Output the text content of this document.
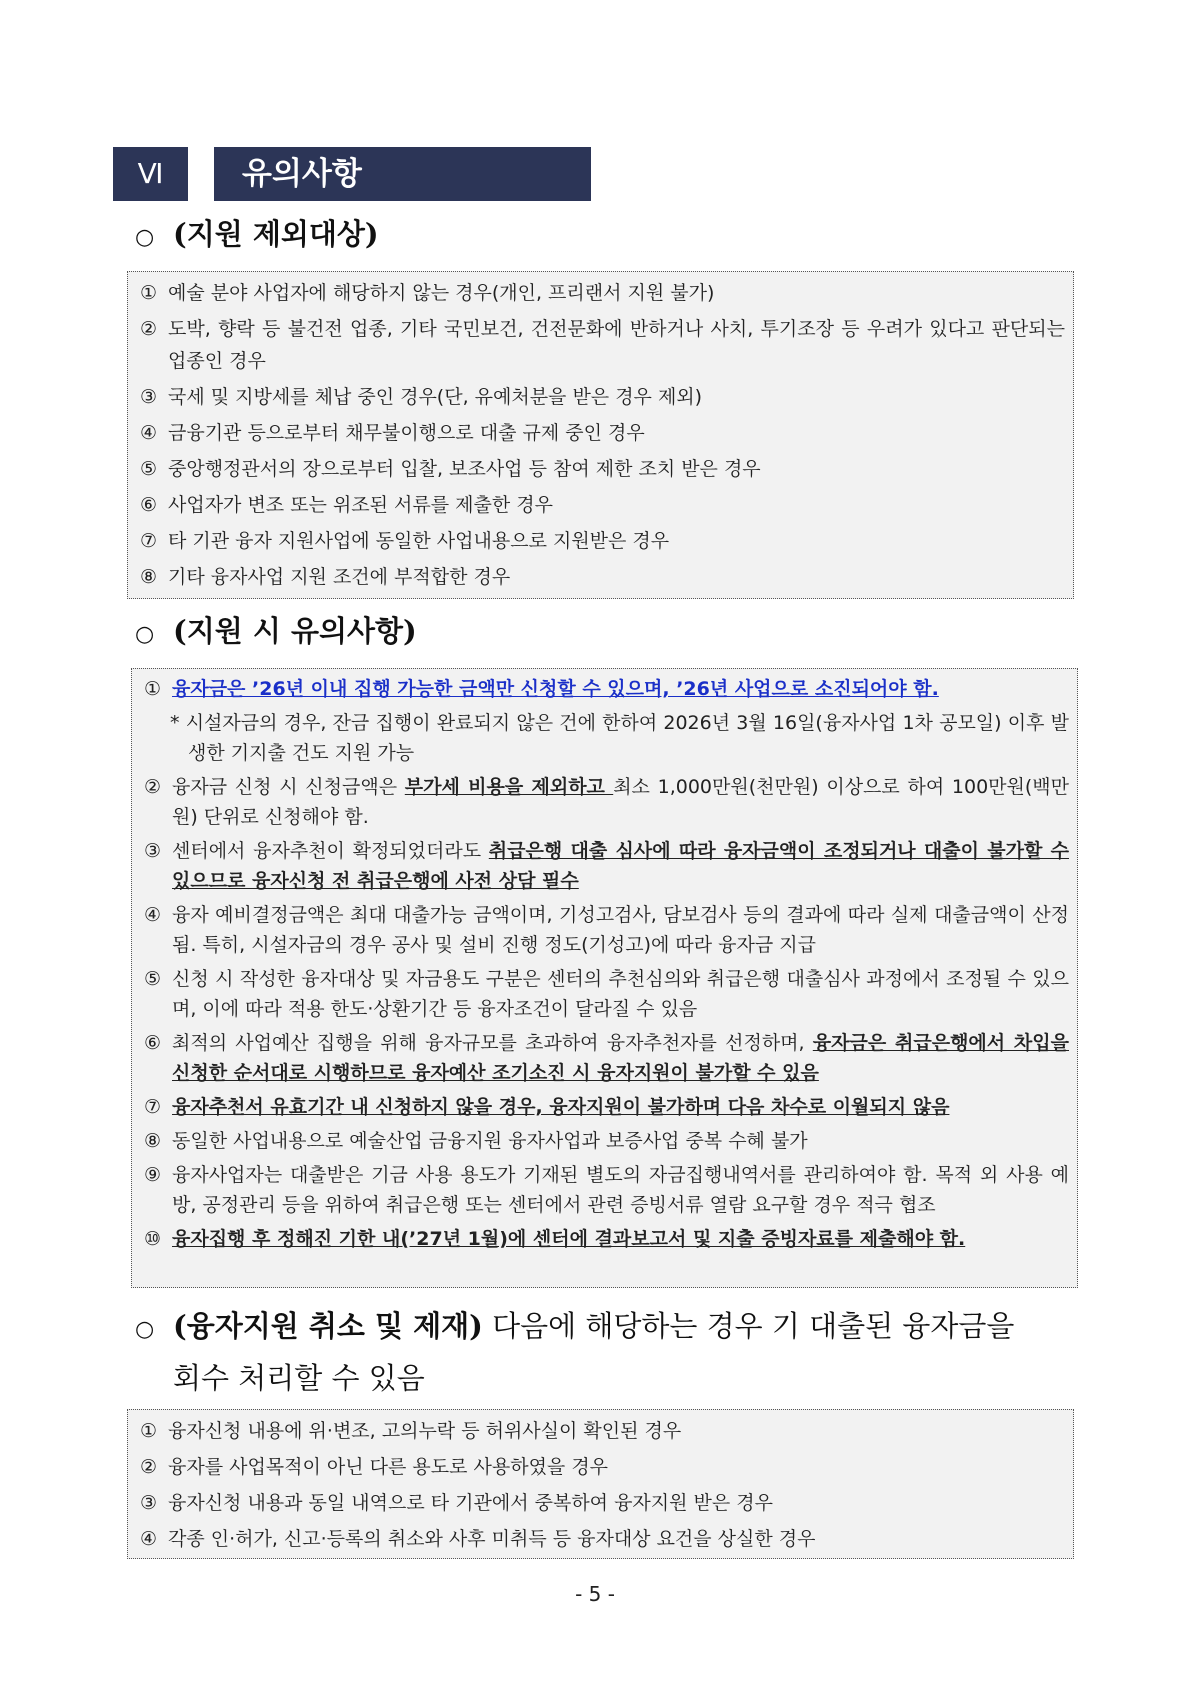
Ⅵ	유의사항
○ (지원 제외대상)
① 예술 분야 사업자에 해당하지 않는 경우(개인, 프리랜서 지원 불가)
② 도박, 향락 등 불건전 업종, 기타 국민보건, 건전문화에 반하거나 사치, 투기조장 등 우려가 있다고 판단되는 업종인 경우
③ 국세 및 지방세를 체납 중인 경우(단, 유예처분을 받은 경우 제외)
④ 금융기관 등으로부터 채무불이행으로 대출 규제 중인 경우
⑤ 중앙행정관서의 장으로부터 입찰, 보조사업 등 참여 제한 조치 받은 경우
⑥ 사업자가 변조 또는 위조된 서류를 제출한 경우
⑦ 타 기관 융자 지원사업에 동일한 사업내용으로 지원받은 경우
⑧ 기타 융자사업 지원 조건에 부적합한 경우
○ (지원 시 유의사항)
① 융자금은 ’26년 이내 집행 가능한 금액만 신청할 수 있으며, ’26년 사업으로 소진되어야 함.
* 시설자금의 경우, 잔금 집행이 완료되지 않은 건에 한하여 2026년 3월 16일(융자사업 1차 공모일) 이후 발생한 기지출 건도 지원 가능
② 융자금 신청 시 신청금액은 부가세 비용을 제외하고 최소 1,000만원(천만원) 이상으로 하여 100만원(백만원) 단위로 신청해야 함.
③ 센터에서 융자추천이 확정되었더라도 취급은행 대출 심사에 따라 융자금액이 조정되거나 대출이 불가할 수 있으므로 융자신청 전 취급은행에 사전 상담 필수
④ 융자 예비결정금액은 최대 대출가능 금액이며, 기성고검사, 담보검사 등의 결과에 따라 실제 대출금액이 산정됨. 특히, 시설자금의 경우 공사 및 설비 진행 정도(기성고)에 따라 융자금 지급
⑤ 신청 시 작성한 융자대상 및 자금용도 구분은 센터의 추천심의와 취급은행 대출심사 과정에서 조정될 수 있으며, 이에 따라 적용 한도·상환기간 등 융자조건이 달라질 수 있음
⑥ 최적의 사업예산 집행을 위해 융자규모를 초과하여 융자추천자를 선정하며, 융자금은 취급은행에서 차입을 신청한 순서대로 시행하므로 융자예산 조기소진 시 융자지원이 불가할 수 있음
⑦ 융자추천서 유효기간 내 신청하지 않을 경우, 융자지원이 불가하며 다음 차수로 이월되지 않음
⑧ 동일한 사업내용으로 예술산업 금융지원 융자사업과 보증사업 중복 수혜 불가
⑨ 융자사업자는 대출받은 기금 사용 용도가 기재된 별도의 자금집행내역서를 관리하여야 함. 목적 외 사용 예방, 공정관리 등을 위하여 취급은행 또는 센터에서 관련 증빙서류 열람 요구할 경우 적극 협조
⑩ 융자집행 후 정해진 기한 내(’27년 1월)에 센터에 결과보고서 및 지출 증빙자료를 제출해야 함.
○ (융자지원 취소 및 제재) 다음에 해당하는 경우 기 대출된 융자금을
회수 처리할 수 있음
① 융자신청 내용에 위·변조, 고의누락 등 허위사실이 확인된 경우
② 융자를 사업목적이 아닌 다른 용도로 사용하였을 경우
③ 융자신청 내용과 동일 내역으로 타 기관에서 중복하여 융자지원 받은 경우
④ 각종 인·허가, 신고·등록의 취소와 사후 미취득 등 융자대상 요건을 상실한 경우
- 5 -
